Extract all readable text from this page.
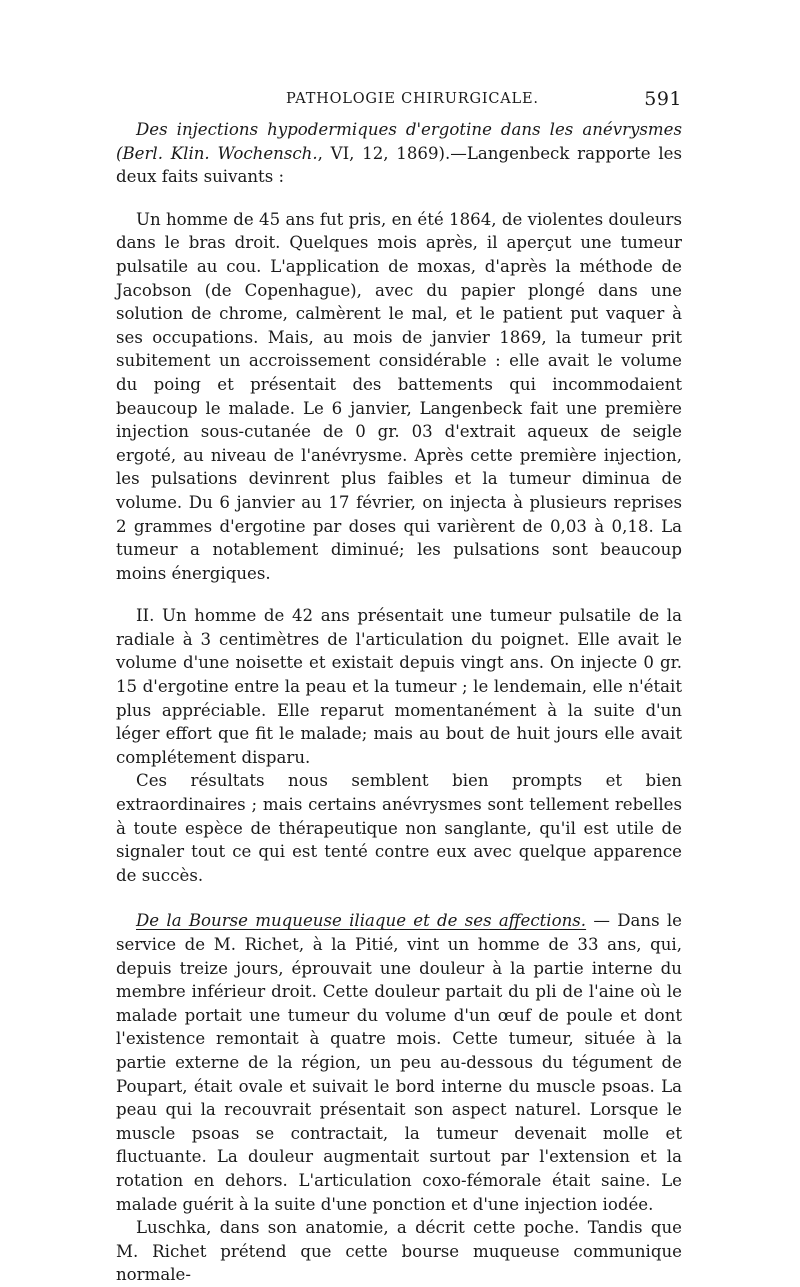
PATHOLOGIE CHIRURGICALE.	591

Des injections hypodermiques d'ergotine dans les anévrysmes (Berl. Klin. Wochensch., VI, 12, 1869).—Langenbeck rapporte les deux faits suivants :

Un homme de 45 ans fut pris, en été 1864, de violentes douleurs dans le bras droit. Quelques mois après, il aperçut une tumeur pulsatile au cou. L'application de moxas, d'après la méthode de Jacobson (de Copenhague), avec du papier plongé dans une solution de chrome, calmèrent le mal, et le patient put vaquer à ses occupations. Mais, au mois de janvier 1869, la tumeur prit subitement un accroissement considérable : elle avait le volume du poing et présentait des battements qui incommodaient beaucoup le malade. Le 6 janvier, Langenbeck fait une première injection sous-cutanée de 0 gr. 03 d'extrait aqueux de seigle ergoté, au niveau de l'anévrysme. Après cette première injection, les pulsations devinrent plus faibles et la tumeur diminua de volume. Du 6 janvier au 17 février, on injecta à plusieurs reprises 2 grammes d'ergotine par doses qui varièrent de 0,03 à 0,18. La tumeur a notablement diminué; les pulsations sont beaucoup moins énergiques.

II. Un homme de 42 ans présentait une tumeur pulsatile de la radiale à 3 centimètres de l'articulation du poignet. Elle avait le volume d'une noisette et existait depuis vingt ans. On injecte 0 gr. 15 d'ergotine entre la peau et la tumeur ; le lendemain, elle n'était plus appréciable. Elle reparut momentanément à la suite d'un léger effort que fit le malade; mais au bout de huit jours elle avait complétement disparu.

Ces résultats nous semblent bien prompts et bien extraordinaires ; mais certains anévrysmes sont tellement rebelles à toute espèce de thérapeutique non sanglante, qu'il est utile de signaler tout ce qui est tenté contre eux avec quelque apparence de succès.

De la Bourse muqueuse iliaque et de ses affections. — Dans le service de M. Richet, à la Pitié, vint un homme de 33 ans, qui, depuis treize jours, éprouvait une douleur à la partie interne du membre inférieur droit. Cette douleur partait du pli de l'aine où le malade portait une tumeur du volume d'un œuf de poule et dont l'existence remontait à quatre mois. Cette tumeur, située à la partie externe de la région, un peu au-dessous du tégument de Poupart, était ovale et suivait le bord interne du muscle psoas. La peau qui la recouvrait présentait son aspect naturel. Lorsque le muscle psoas se contractait, la tumeur devenait molle et fluctuante. La douleur augmentait surtout par l'extension et la rotation en dehors. L'articulation coxo-fémorale était saine. Le malade guérit à la suite d'une ponction et d'une injection iodée.

Luschka, dans son anatomie, a décrit cette poche. Tandis que M. Richet prétend que cette bourse muqueuse communique normale-
